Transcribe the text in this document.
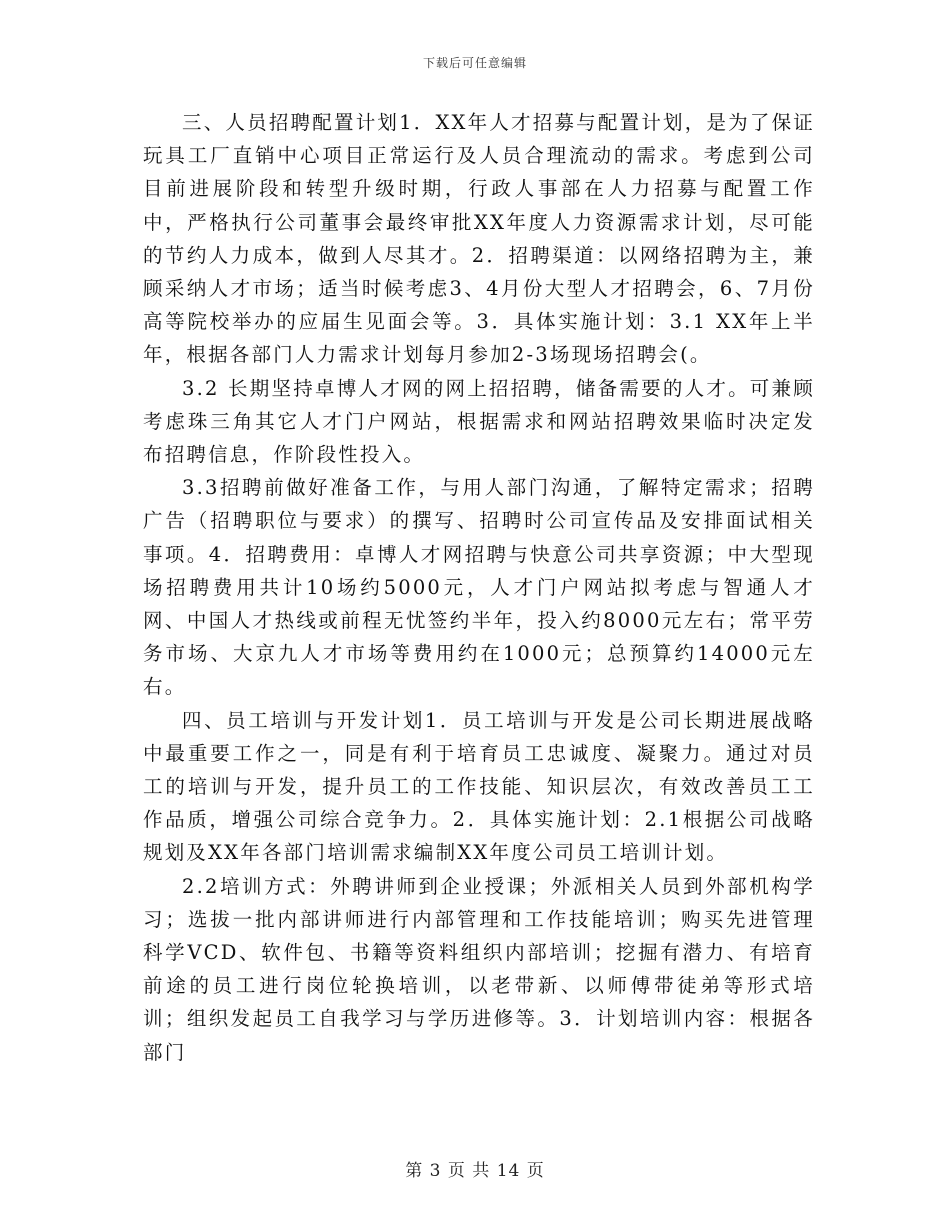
下载后可任意编辑

三、人员招聘配置计划1．XX年人才招募与配置计划，是为了保证玩具工厂直销中心项目正常运行及人员合理流动的需求。考虑到公司目前进展阶段和转型升级时期，行政人事部在人力招募与配置工作中，严格执行公司董事会最终审批XX年度人力资源需求计划，尽可能的节约人力成本，做到人尽其才。2．招聘渠道：以网络招聘为主，兼顾采纳人才市场；适当时候考虑3、4月份大型人才招聘会，6、7月份高等院校举办的应届生见面会等。3．具体实施计划：3.1 XX年上半年，根据各部门人力需求计划每月参加2-3场现场招聘会(。

3.2 长期坚持卓博人才网的网上招招聘，储备需要的人才。可兼顾考虑珠三角其它人才门户网站，根据需求和网站招聘效果临时决定发布招聘信息，作阶段性投入。

3.3招聘前做好准备工作，与用人部门沟通，了解特定需求；招聘广告（招聘职位与要求）的撰写、招聘时公司宣传品及安排面试相关事项。4．招聘费用：卓博人才网招聘与快意公司共享资源；中大型现场招聘费用共计10场约5000元，人才门户网站拟考虑与智通人才网、中国人才热线或前程无忧签约半年，投入约8000元左右；常平劳务市场、大京九人才市场等费用约在1000元；总预算约14000元左右。

四、员工培训与开发计划1．员工培训与开发是公司长期进展战略中最重要工作之一，同是有利于培育员工忠诚度、凝聚力。通过对员工的培训与开发，提升员工的工作技能、知识层次，有效改善员工工作品质，增强公司综合竞争力。2．具体实施计划：2.1根据公司战略规划及XX年各部门培训需求编制XX年度公司员工培训计划。

2.2培训方式：外聘讲师到企业授课；外派相关人员到外部机构学习；选拔一批内部讲师进行内部管理和工作技能培训；购买先进管理科学VCD、软件包、书籍等资料组织内部培训；挖掘有潜力、有培育前途的员工进行岗位轮换培训，以老带新、以师傅带徒弟等形式培训；组织发起员工自我学习与学历进修等。3．计划培训内容：根据各部门

第 3 页 共 14 页
